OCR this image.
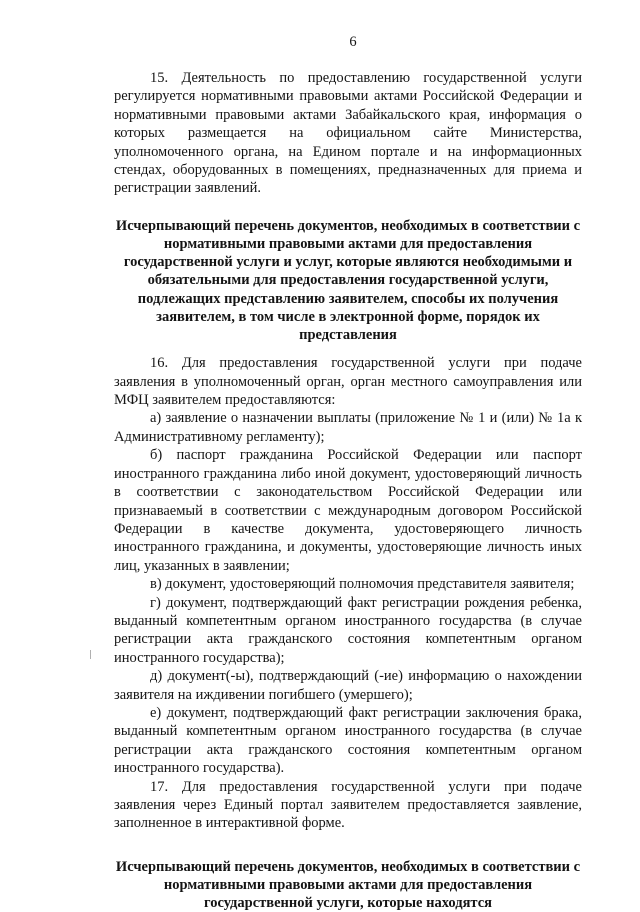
6

15. Деятельность по предоставлению государственной услуги регулируется нормативными правовыми актами Российской Федерации и нормативными правовыми актами Забайкальского края, информация о которых размещается на официальном сайте Министерства, уполномоченного органа, на Едином портале и на информационных стендах, оборудованных в помещениях, предназначенных для приема и регистрации заявлений.

Исчерпывающий перечень документов, необходимых в соответствии с нормативными правовыми актами для предоставления государственной услуги и услуг, которые являются необходимыми и обязательными для предоставления государственной услуги, подлежащих представлению заявителем, способы их получения заявителем, в том числе в электронной форме, порядок их представления

16. Для предоставления государственной услуги при подаче заявления в уполномоченный орган, орган местного самоуправления или МФЦ заявителем предоставляются:

а) заявление о назначении выплаты (приложение № 1 и (или) № 1а к Административному регламенту);

б) паспорт гражданина Российской Федерации или паспорт иностранного гражданина либо иной документ, удостоверяющий личность в соответствии с законодательством Российской Федерации или признаваемый в соответствии с международным договором Российской Федерации в качестве документа, удостоверяющего личность иностранного гражданина, и документы, удостоверяющие личность иных лиц, указанных в заявлении;

в) документ, удостоверяющий полномочия представителя заявителя;

г) документ, подтверждающий факт регистрации рождения ребенка, выданный компетентным органом иностранного государства (в случае регистрации акта гражданского состояния компетентным органом иностранного государства);

д) документ(-ы), подтверждающий (-ие) информацию о нахождении заявителя на иждивении погибшего (умершего);

е) документ, подтверждающий факт регистрации заключения брака, выданный компетентным органом иностранного государства (в случае регистрации акта гражданского состояния компетентным органом иностранного государства).

17. Для предоставления государственной услуги при подаче заявления через Единый портал заявителем предоставляется заявление, заполненное в интерактивной форме.

Исчерпывающий перечень документов, необходимых в соответствии с нормативными правовыми актами для предоставления государственной услуги, которые находятся
